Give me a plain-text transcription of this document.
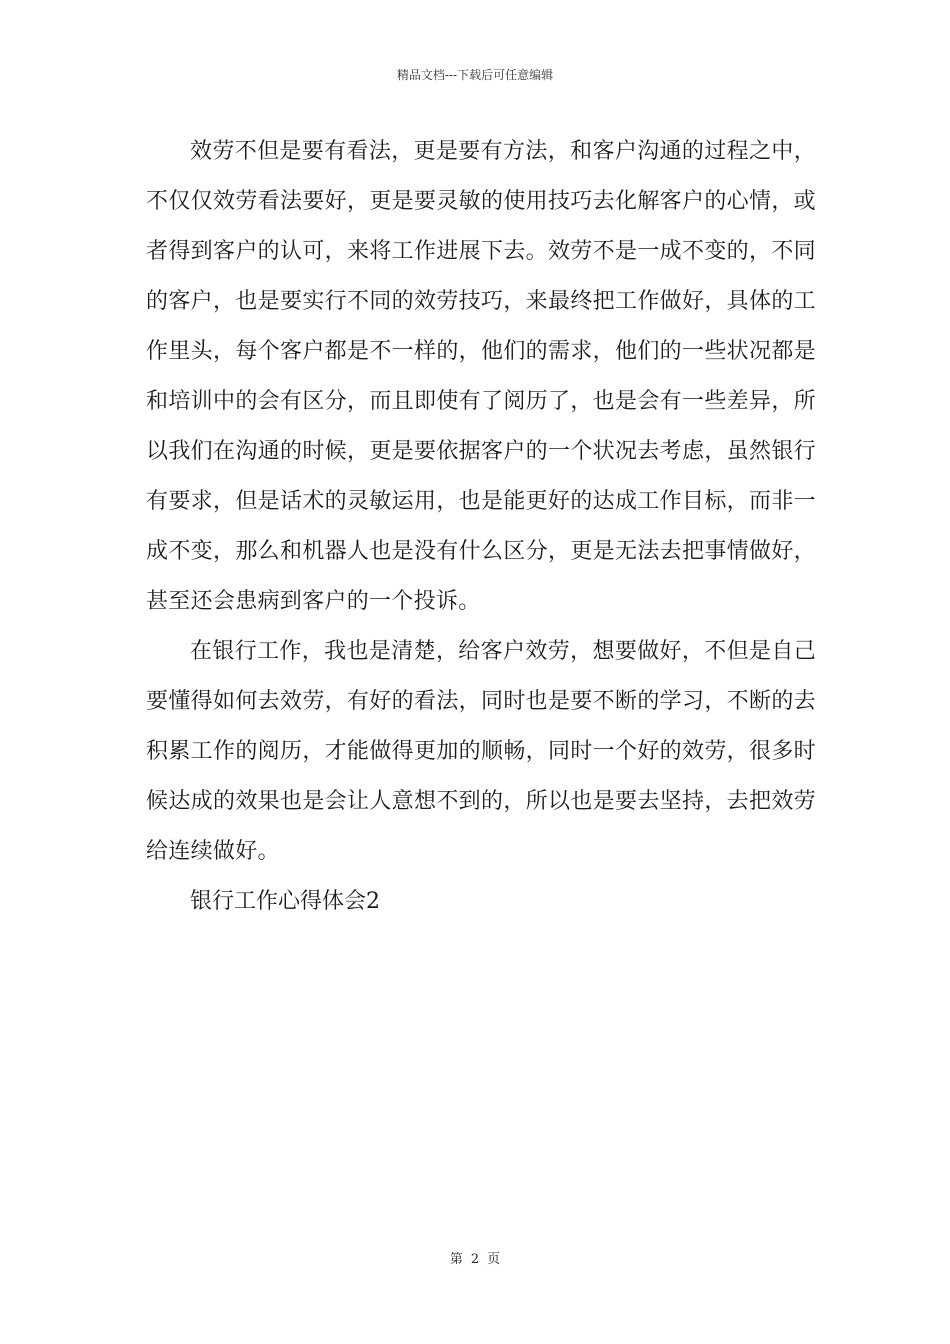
精品文档---下载后可任意编辑

效劳不但是要有看法，更是要有方法，和客户沟通的过程之中，不仅仅效劳看法要好，更是要灵敏的使用技巧去化解客户的心情，或者得到客户的认可，来将工作进展下去。效劳不是一成不变的，不同的客户，也是要实行不同的效劳技巧，来最终把工作做好，具体的工作里头，每个客户都是不一样的，他们的需求，他们的一些状况都是和培训中的会有区分，而且即使有了阅历了，也是会有一些差异，所以我们在沟通的时候，更是要依据客户的一个状况去考虑，虽然银行有要求，但是话术的灵敏运用，也是能更好的达成工作目标，而非一成不变，那么和机器人也是没有什么区分，更是无法去把事情做好，甚至还会患病到客户的一个投诉。

在银行工作，我也是清楚，给客户效劳，想要做好，不但是自己要懂得如何去效劳，有好的看法，同时也是要不断的学习，不断的去积累工作的阅历，才能做得更加的顺畅，同时一个好的效劳，很多时候达成的效果也是会让人意想不到的，所以也是要去坚持，去把效劳给连续做好。

银行工作心得体会2

第 2 页
